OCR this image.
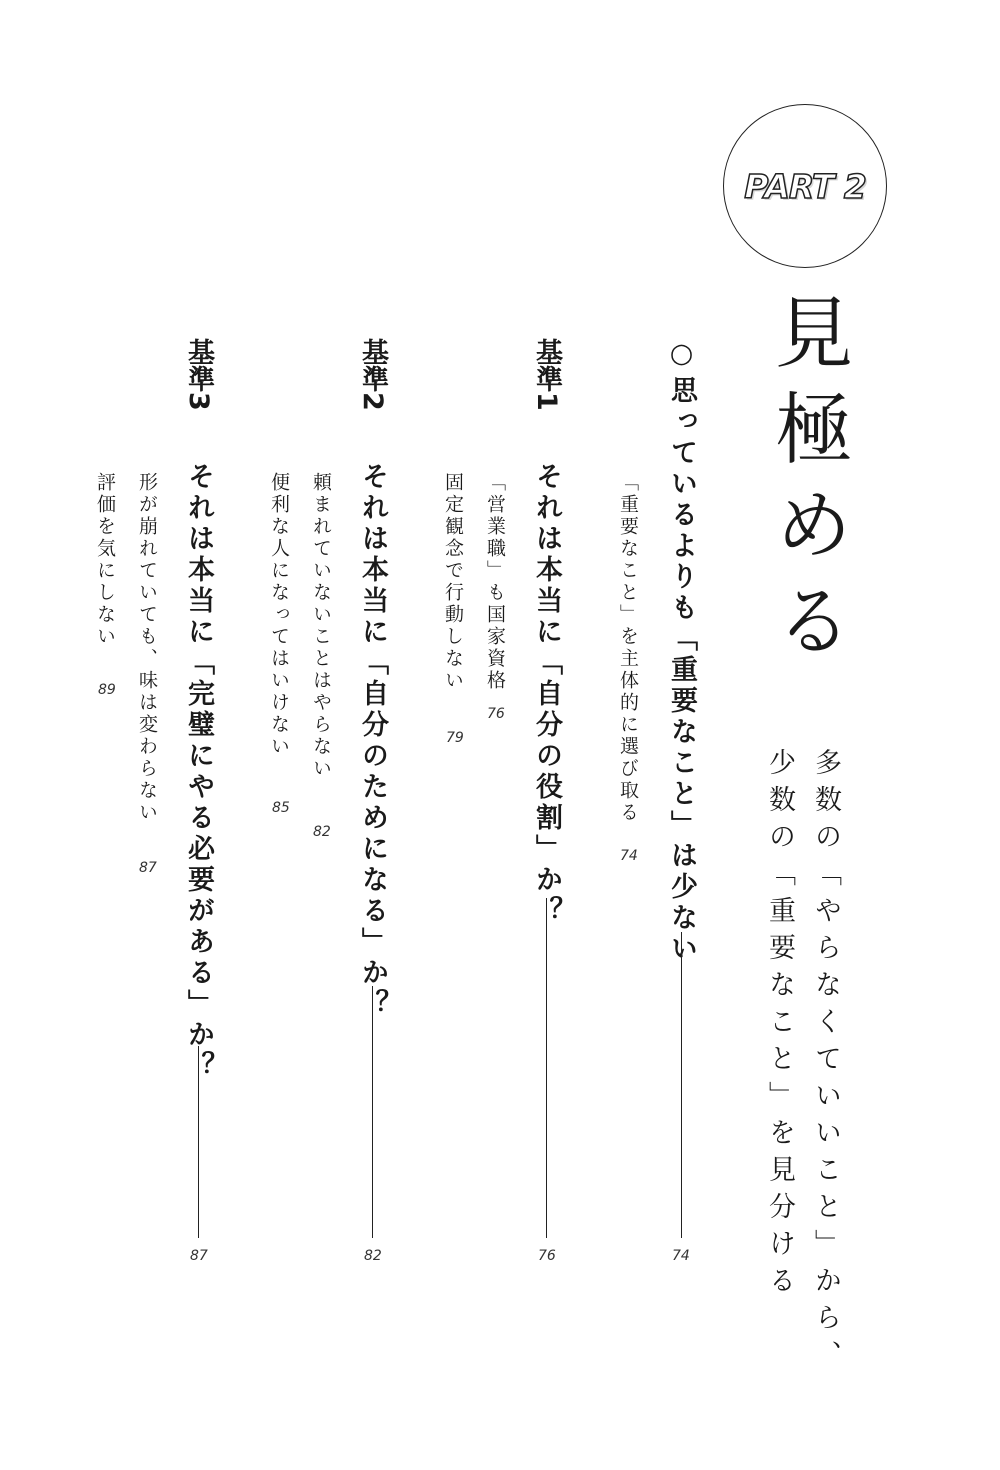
PART 2
見極める
多数の「やらなくていいこと」から、
少数の「重要なこと」を見分ける
○
思っているよりも「重要なこと」は少ない
74
「重要なこと」を主体的に選び取る
74
基準1
それは本当に「自分の役割」か？
76
「営業職」も国家資格
76
固定観念で行動しない
79
基準2
それは本当に「自分のためになる」か？
82
頼まれていないことはやらない
82
便利な人になってはいけない
85
基準3
それは本当に「完璧にやる必要がある」か？
87
形が崩れていても、味は変わらない
87
評価を気にしない
89
